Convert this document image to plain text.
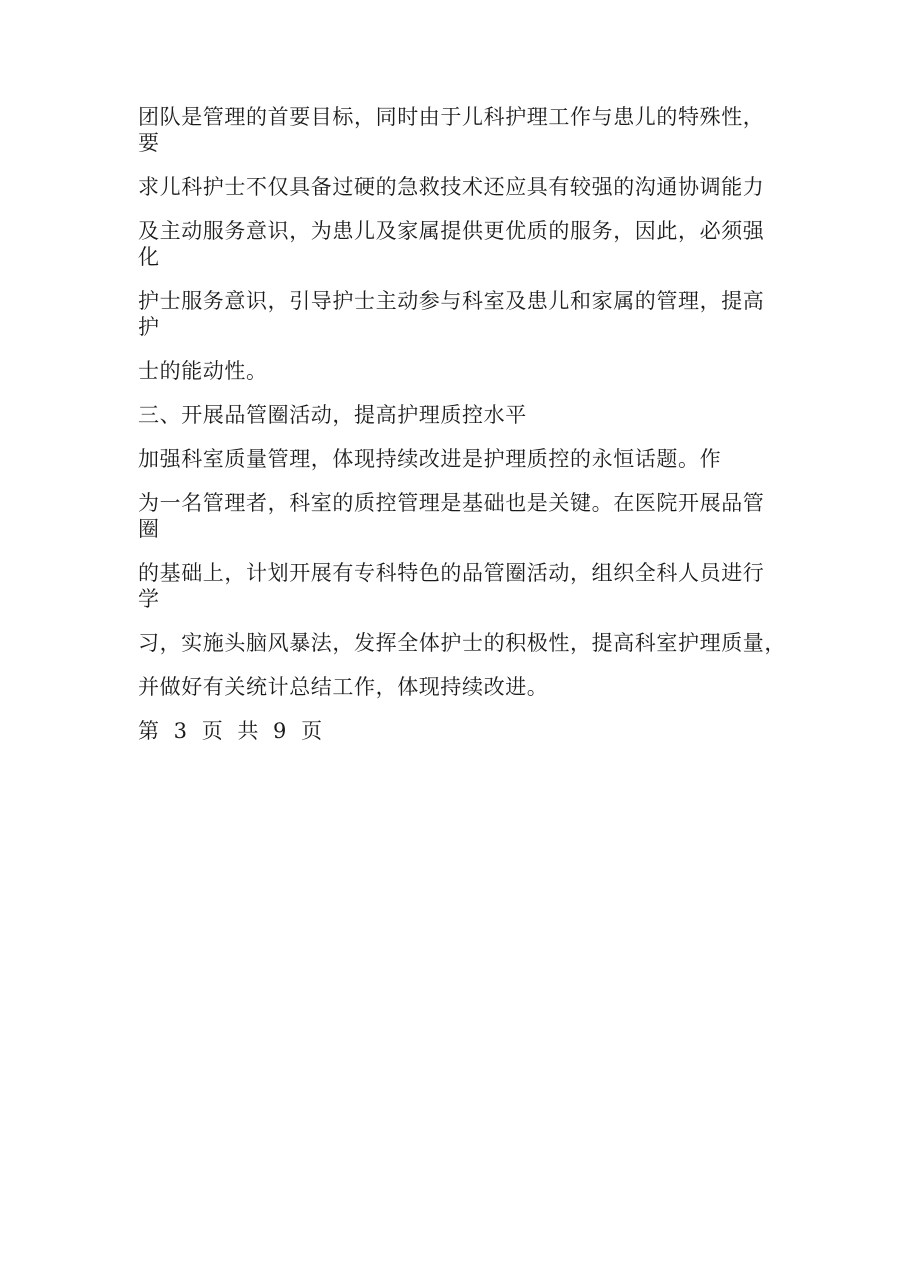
团队是管理的首要目标，同时由于儿科护理工作与患儿的特殊性，
要
求儿科护士不仅具备过硬的急救技术还应具有较强的沟通协调能力
及主动服务意识，为患儿及家属提供更优质的服务，因此，必须强
化
护士服务意识，引导护士主动参与科室及患儿和家属的管理，提高
护
士的能动性。
三、开展品管圈活动，提高护理质控水平
加强科室质量管理，体现持续改进是护理质控的永恒话题。作
为一名管理者，科室的质控管理是基础也是关键。在医院开展品管
圈
的基础上，计划开展有专科特色的品管圈活动，组织全科人员进行
学
习，实施头脑风暴法，发挥全体护士的积极性，提高科室护理质量，
并做好有关统计总结工作，体现持续改进。
第 3 页 共 9 页
